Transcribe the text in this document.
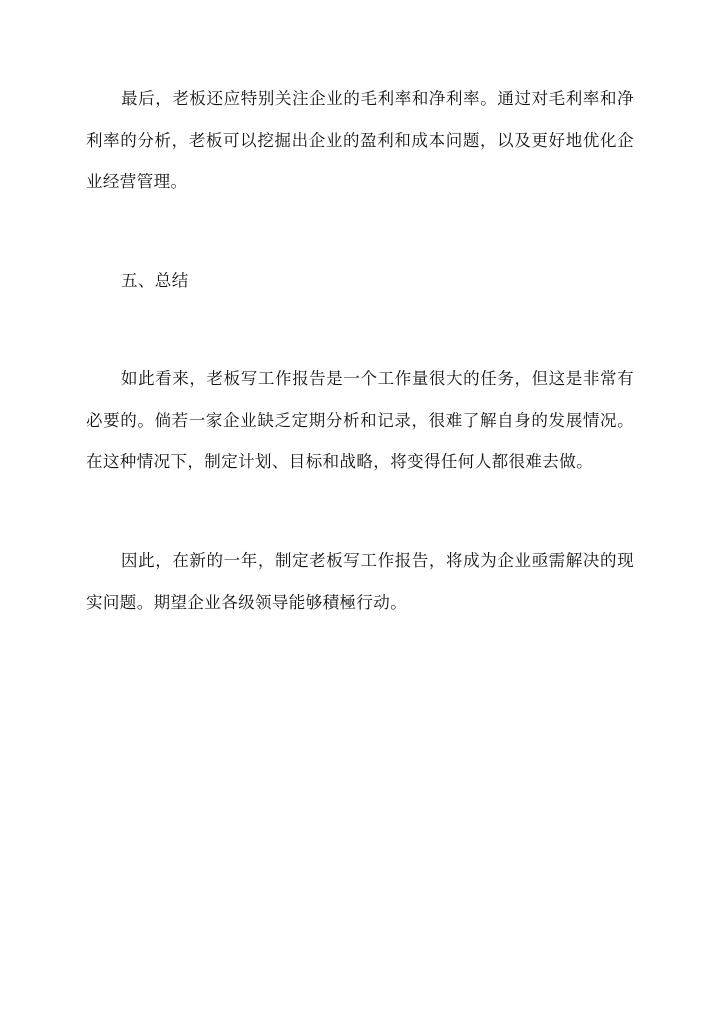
最后，老板还应特别关注企业的毛利率和净利率。通过对毛利率和净利率的分析，老板可以挖掘出企业的盈利和成本问题，以及更好地优化企业经营管理。

五、总结

如此看来，老板写工作报告是一个工作量很大的任务，但这是非常有必要的。倘若一家企业缺乏定期分析和记录，很难了解自身的发展情况。在这种情况下，制定计划、目标和战略，将变得任何人都很难去做。

因此，在新的一年，制定老板写工作报告，将成为企业亟需解决的现实问题。期望企业各级领导能够積極行动。
